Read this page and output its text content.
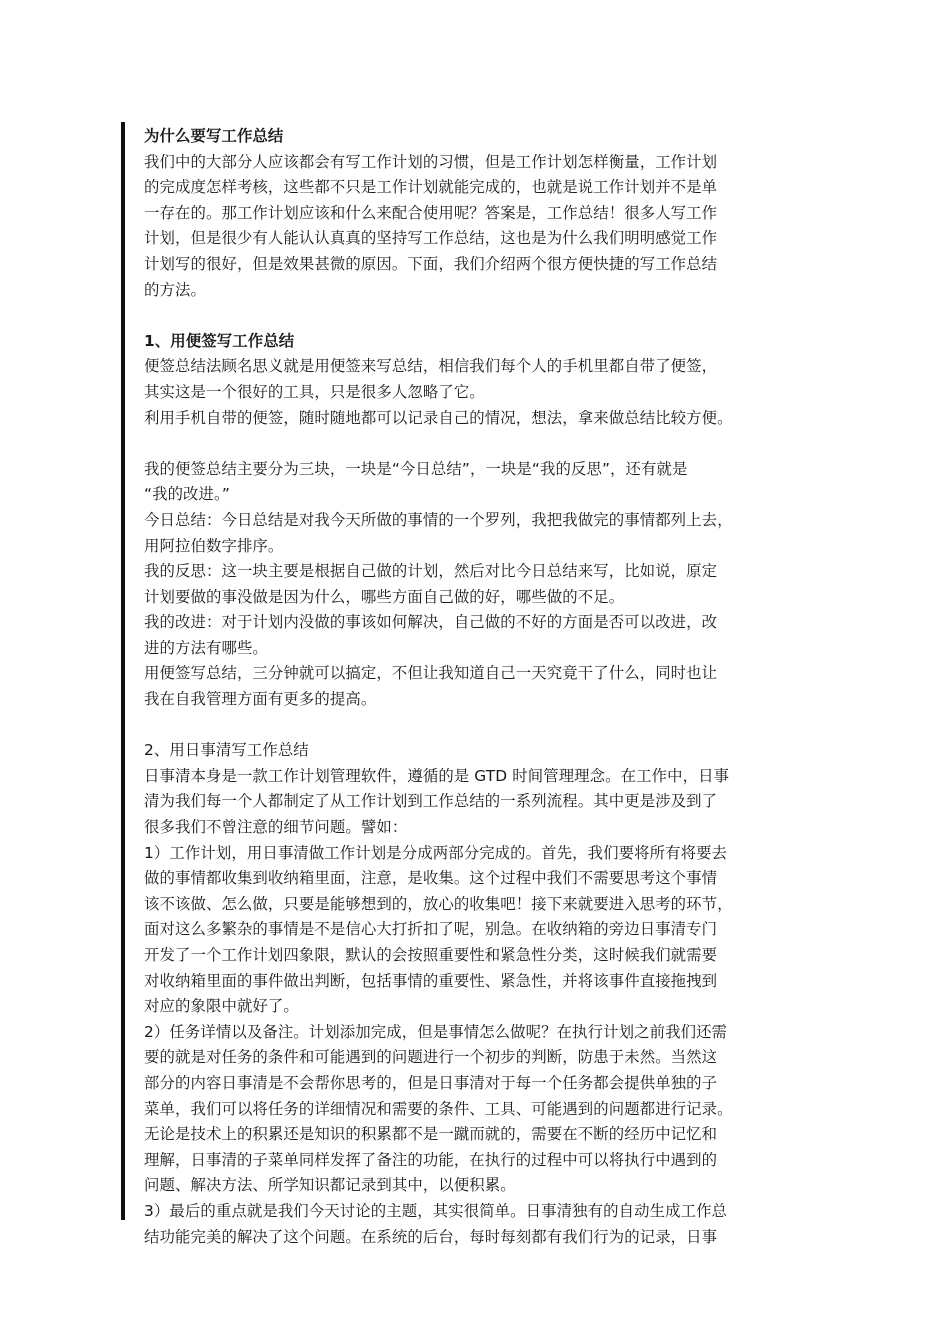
为什么要写工作总结

我们中的大部分人应该都会有写工作计划的习惯，但是工作计划怎样衡量，工作计划
的完成度怎样考核，这些都不只是工作计划就能完成的，也就是说工作计划并不是单
一存在的。那工作计划应该和什么来配合使用呢？答案是，工作总结！很多人写工作
计划，但是很少有人能认认真真的坚持写工作总结，这也是为什么我们明明感觉工作
计划写的很好，但是效果甚微的原因。下面，我们介绍两个很方便快捷的写工作总结
的方法。

1、用便签写工作总结

便签总结法顾名思义就是用便签来写总结，相信我们每个人的手机里都自带了便签，
其实这是一个很好的工具，只是很多人忽略了它。

利用手机自带的便签，随时随地都可以记录自己的情况，想法，拿来做总结比较方便。

我的便签总结主要分为三块，一块是“今日总结”，一块是“我的反思”，还有就是
“我的改进。”

今日总结：今日总结是对我今天所做的事情的一个罗列，我把我做完的事情都列上去，
用阿拉伯数字排序。

我的反思：这一块主要是根据自己做的计划，然后对比今日总结来写，比如说，原定
计划要做的事没做是因为什么，哪些方面自己做的好，哪些做的不足。

我的改进：对于计划内没做的事该如何解决，自己做的不好的方面是否可以改进，改
进的方法有哪些。

用便签写总结，三分钟就可以搞定，不但让我知道自己一天究竟干了什么，同时也让
我在自我管理方面有更多的提高。

2、用日事清写工作总结

日事清本身是一款工作计划管理软件，遵循的是 GTD 时间管理理念。在工作中，日事
清为我们每一个人都制定了从工作计划到工作总结的一系列流程。其中更是涉及到了
很多我们不曾注意的细节问题。譬如：

1）工作计划，用日事清做工作计划是分成两部分完成的。首先，我们要将所有将要去
做的事情都收集到收纳箱里面，注意，是收集。这个过程中我们不需要思考这个事情
该不该做、怎么做，只要是能够想到的，放心的收集吧！接下来就要进入思考的环节，
面对这么多繁杂的事情是不是信心大打折扣了呢，别急。在收纳箱的旁边日事清专门
开发了一个工作计划四象限，默认的会按照重要性和紧急性分类，这时候我们就需要
对收纳箱里面的事件做出判断，包括事情的重要性、紧急性，并将该事件直接拖拽到
对应的象限中就好了。

2）任务详情以及备注。计划添加完成，但是事情怎么做呢？在执行计划之前我们还需
要的就是对任务的条件和可能遇到的问题进行一个初步的判断，防患于未然。当然这
部分的内容日事清是不会帮你思考的，但是日事清对于每一个任务都会提供单独的子
菜单，我们可以将任务的详细情况和需要的条件、工具、可能遇到的问题都进行记录。
无论是技术上的积累还是知识的积累都不是一蹴而就的，需要在不断的经历中记忆和
理解，日事清的子菜单同样发挥了备注的功能，在执行的过程中可以将执行中遇到的
问题、解决方法、所学知识都记录到其中，以便积累。

3）最后的重点就是我们今天讨论的主题，其实很简单。日事清独有的自动生成工作总
结功能完美的解决了这个问题。在系统的后台，每时每刻都有我们行为的记录，日事
